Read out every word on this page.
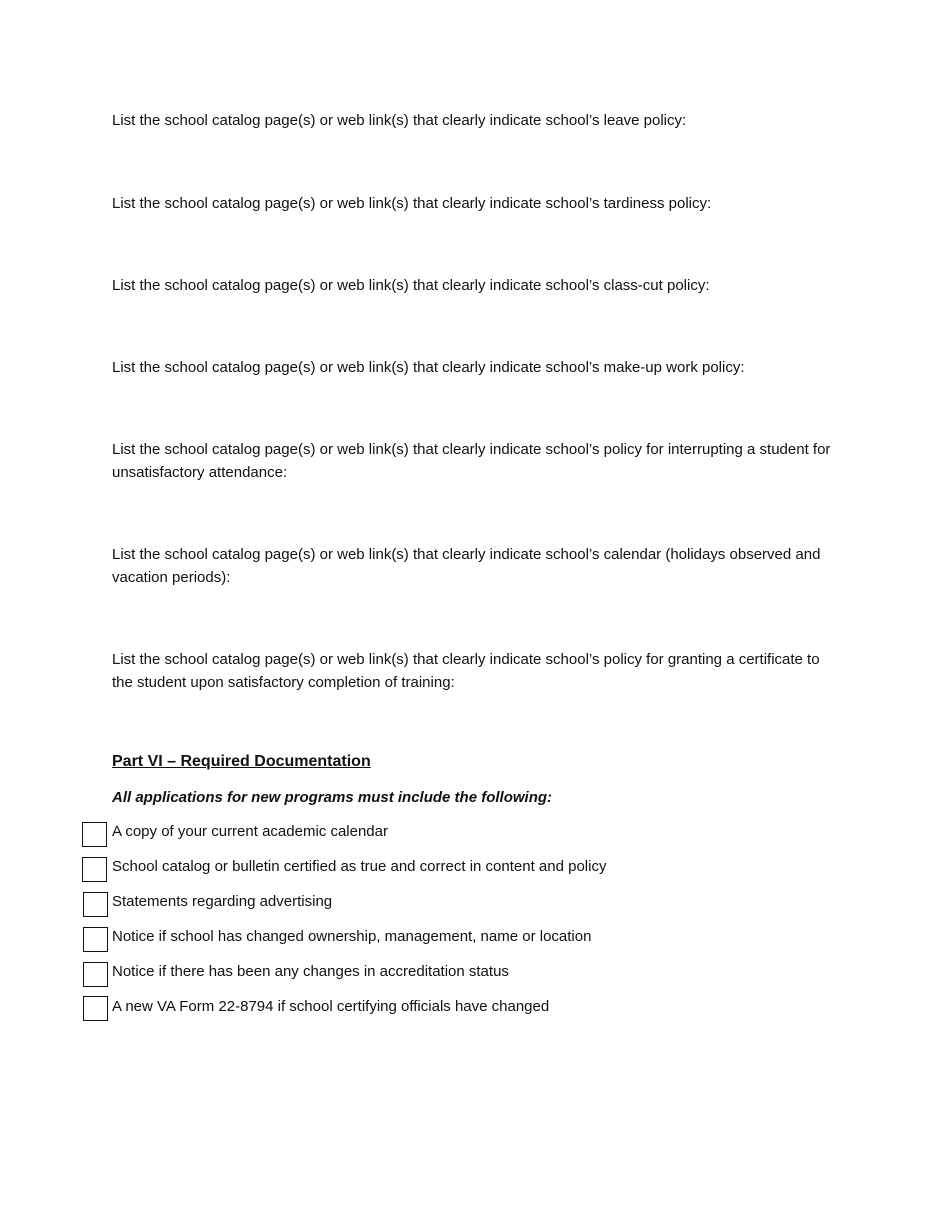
List the school catalog page(s) or web link(s) that clearly indicate school’s leave policy:

List the school catalog page(s) or web link(s) that clearly indicate school’s tardiness policy:

List the school catalog page(s) or web link(s) that clearly indicate school’s class-cut policy:

List the school catalog page(s) or web link(s) that clearly indicate school’s make-up work policy:

List the school catalog page(s) or web link(s) that clearly indicate school’s policy for interrupting a student for unsatisfactory attendance:

List the school catalog page(s) or web link(s) that clearly indicate school’s calendar (holidays observed and vacation periods):

List the school catalog page(s) or web link(s) that clearly indicate school’s policy for granting a certificate to the student upon satisfactory completion of training:

Part VI – Required Documentation

All applications for new programs must include the following:

A copy of your current academic calendar
School catalog or bulletin certified as true and correct in content and policy
Statements regarding advertising
Notice if school has changed ownership, management, name or location
Notice if there has been any changes in accreditation status
A new VA Form 22-8794 if school certifying officials have changed
